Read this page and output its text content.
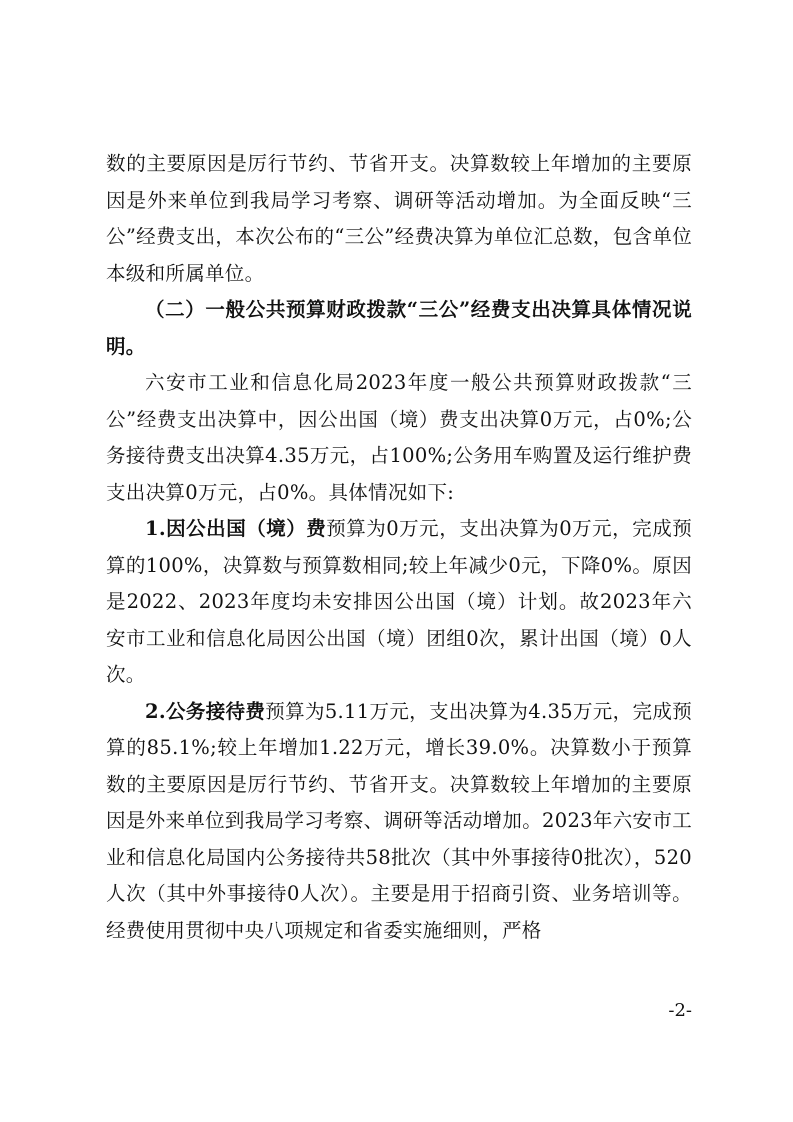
数的主要原因是厉行节约、节省开支。决算数较上年增加的主要原因是外来单位到我局学习考察、调研等活动增加。为全面反映“三公”经费支出，本次公布的“三公”经费决算为单位汇总数，包含单位本级和所属单位。

（二）一般公共预算财政拨款“三公”经费支出决算具体情况说明。

六安市工业和信息化局2023年度一般公共预算财政拨款“三公”经费支出决算中，因公出国（境）费支出决算0万元，占0%;公务接待费支出决算4.35万元，占100%;公务用车购置及运行维护费支出决算0万元，占0%。具体情况如下:

1.因公出国（境）费预算为0万元，支出决算为0万元，完成预算的100%，决算数与预算数相同;较上年减少0元，下降0%。原因是2022、2023年度均未安排因公出国（境）计划。故2023年六安市工业和信息化局因公出国（境）团组0次，累计出国（境）0人次。

2.公务接待费预算为5.11万元，支出决算为4.35万元，完成预算的85.1%;较上年增加1.22万元，增长39.0%。决算数小于预算数的主要原因是厉行节约、节省开支。决算数较上年增加的主要原因是外来单位到我局学习考察、调研等活动增加。2023年六安市工业和信息化局国内公务接待共58批次（其中外事接待0批次），520人次（其中外事接待0人次）。主要是用于招商引资、业务培训等。经费使用贯彻中央八项规定和省委实施细则，严格

-2-
